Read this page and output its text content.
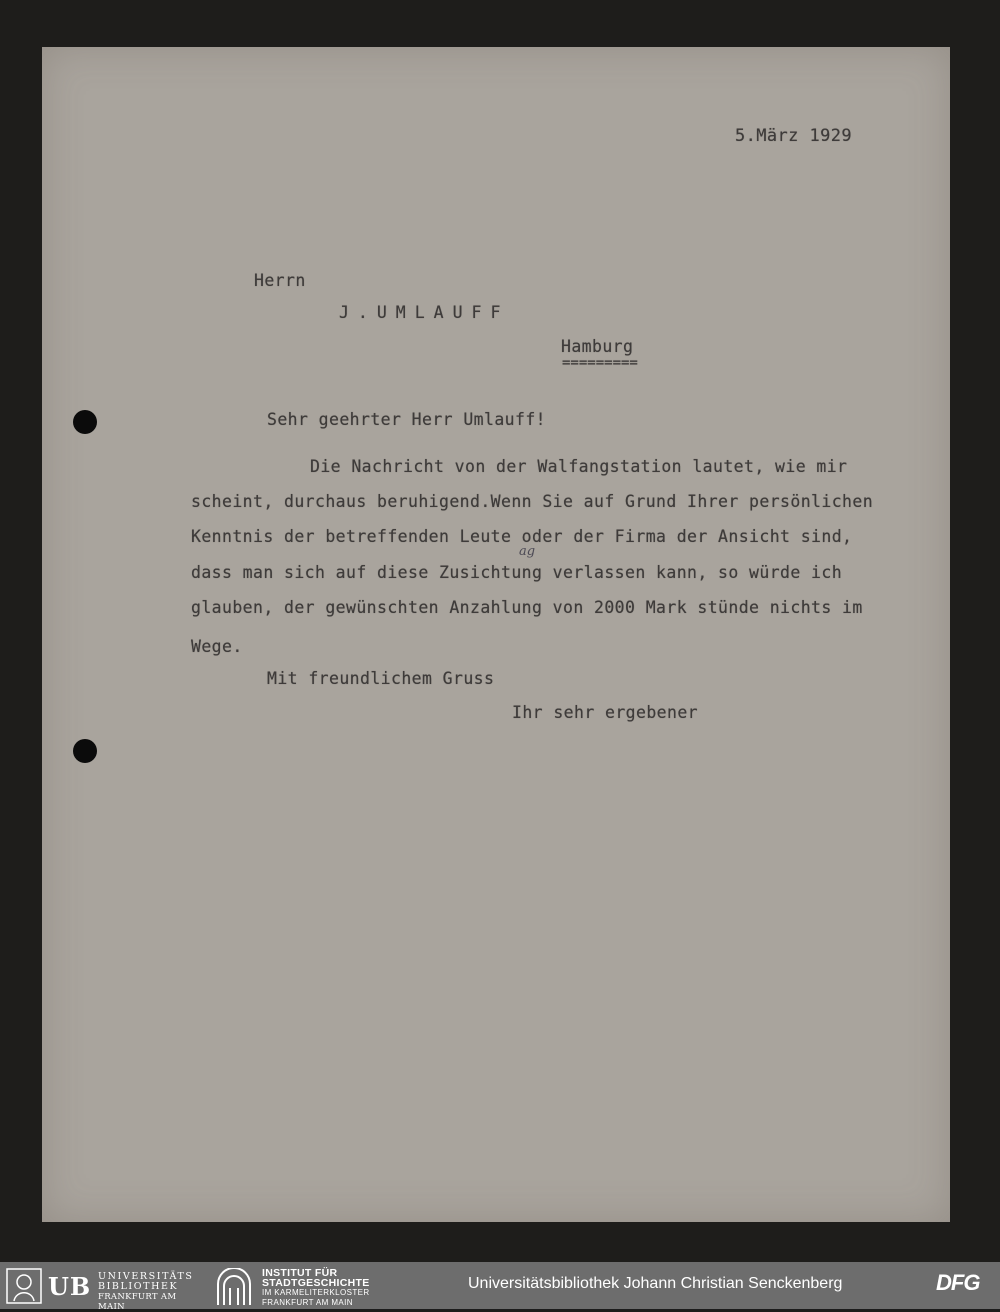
5.März 1929
Herrn
J.UMLAUFF
Hamburg
=========
Sehr geehrter Herr Umlauff!
Die Nachricht von der Walfangstation lautet, wie mir
scheint, durchaus beruhigend.Wenn Sie auf Grund Ihrer persönlichen
Kenntnis der betreffenden Leute oder der Firma der Ansicht sind,
dass man sich auf diese Zusichtung verlassen kann, so würde ich
ag
glauben, der gewünschten Anzahlung von 2000 Mark stünde nichts im
Wege.
Mit freundlichem Gruss
Ihr sehr ergebener
UB UNIVERSITÄTS
BIBLIOTHEK
FRANKFURT AM MAIN
INSTITUT FÜR
STADTGESCHICHTE
IM KARMELITERKLOSTER
FRANKFURT AM MAIN
Universitätsbibliothek Johann Christian Senckenberg	DFG
